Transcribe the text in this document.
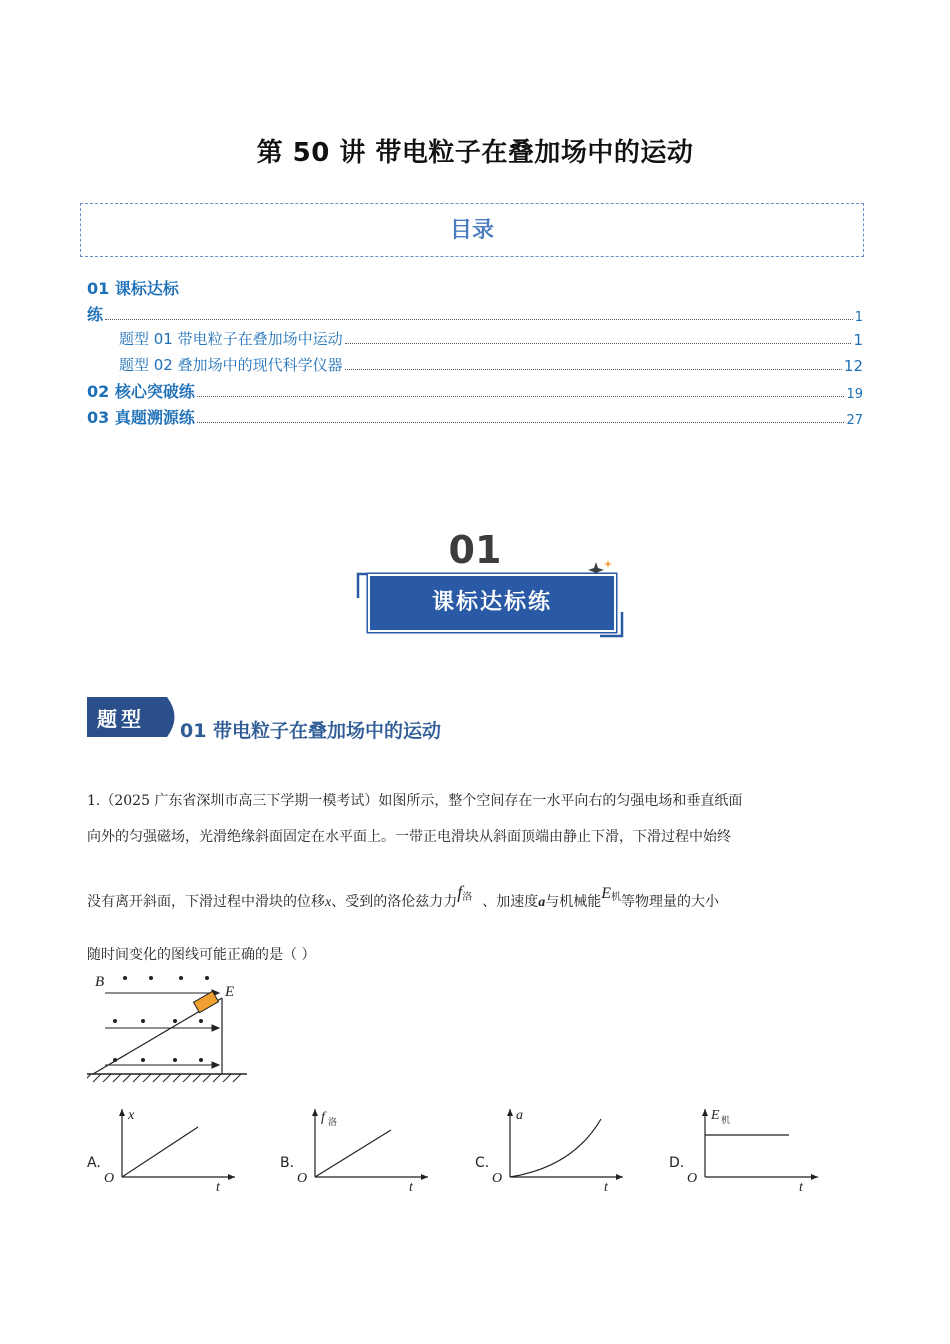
第 50 讲 带电粒子在叠加场中的运动
目录
01 课标达标
练	1
题型 01 带电粒子在叠加场中运动	1
题型 02 叠加场中的现代科学仪器	12
02 核心突破练	19
03 真题溯源练	27
01
课标达标练
题型 01 带电粒子在叠加场中的运动
1.（2025 广东省深圳市高三下学期一模考试）如图所示，整个空间存在一水平向右的匀强电场和垂直纸面
向外的匀强磁场，光滑绝缘斜面固定在水平面上。一带正电滑块从斜面顶端由静止下滑，下滑过程中始终
没有离开斜面，下滑过程中滑块的位移x、受到的洛伦兹力力$f^洛$ 、加速度a与机械能$E^机$等物理量的大小
随时间变化的图线可能正确的是（ ）
B
E
A.
x
O
t
B.
f 洛
O
t
C.
a
O
t
D.
E 机
O
t
